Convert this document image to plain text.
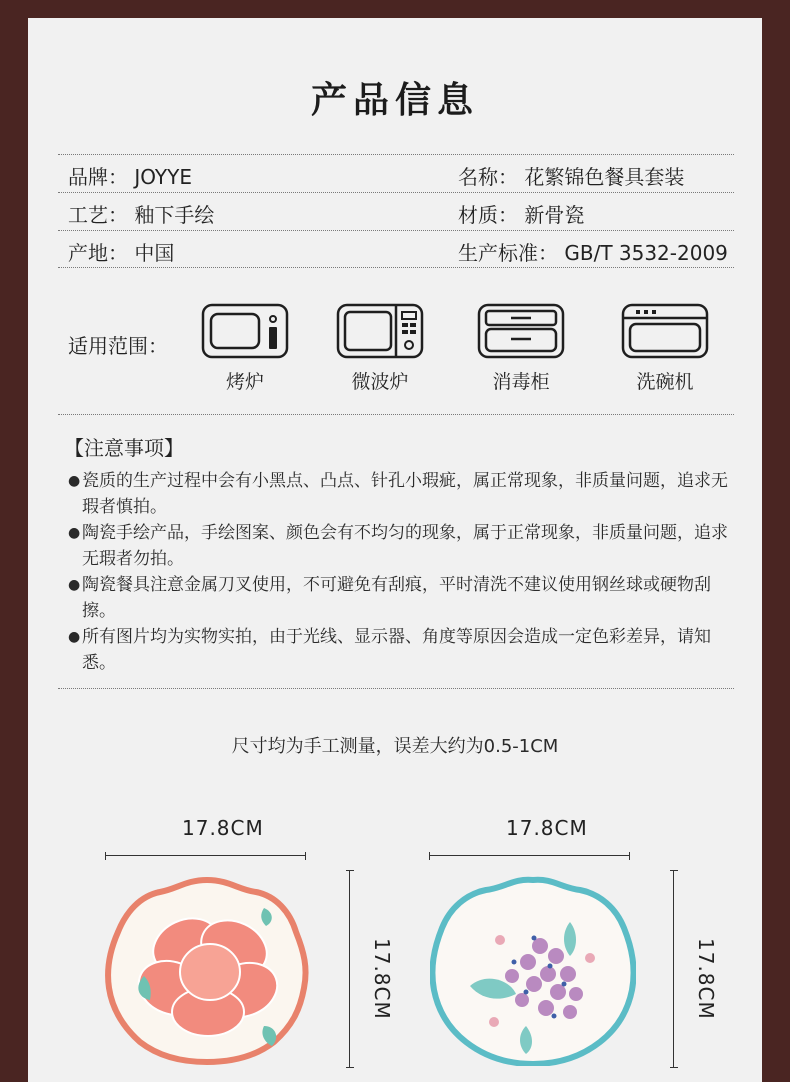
产品信息
品牌： JOYYE	名称： 花繁锦色餐具套装
工艺： 釉下手绘	材质： 新骨瓷
产地： 中国	生产标准： GB/T 3532-2009
适用范围：
烤炉	微波炉	消毒柜	洗碗机
【注意事项】
● 瓷质的生产过程中会有小黑点、凸点、针孔小瑕疵，属正常现象，非质量问题，追求无瑕者慎拍。
● 陶瓷手绘产品，手绘图案、颜色会有不均匀的现象，属于正常现象，非质量问题，追求无瑕者勿拍。
● 陶瓷餐具注意金属刀叉使用，不可避免有刮痕，平时清洗不建议使用钢丝球或硬物刮擦。
● 所有图片均为实物实拍，由于光线、显示器、角度等原因会造成一定色彩差异，请知悉。
尺寸均为手工测量，误差大约为0.5-1CM
17.8CM
17.8CM
17.8CM
17.8CM
